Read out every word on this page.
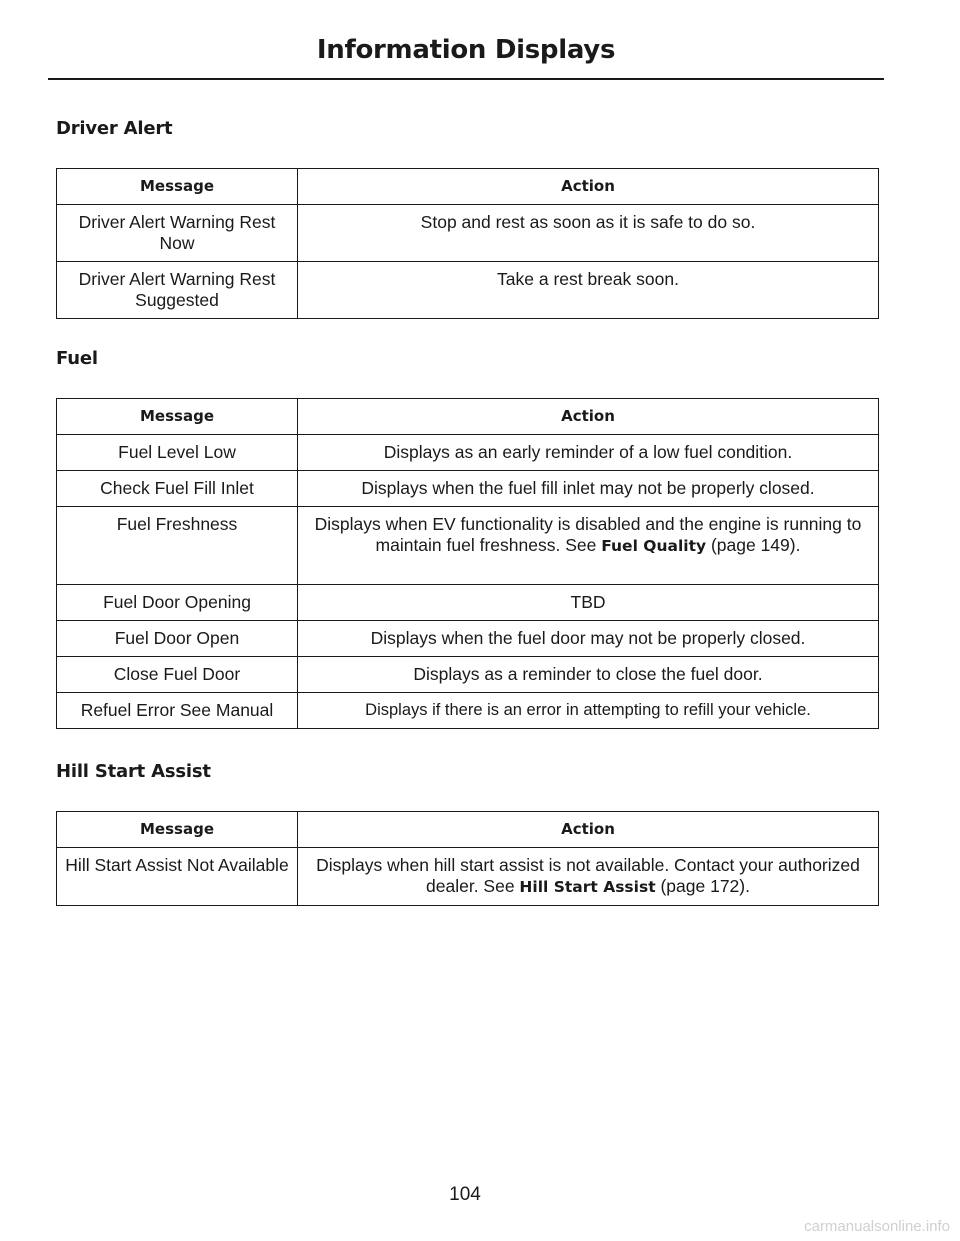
Information Displays
Driver Alert
Message	Action
Driver Alert Warning Rest Now	Stop and rest as soon as it is safe to do so.
Driver Alert Warning Rest Suggested	Take a rest break soon.
Fuel
Message	Action
Fuel Level Low	Displays as an early reminder of a low fuel condition.
Check Fuel Fill Inlet	Displays when the fuel fill inlet may not be properly closed.
Fuel Freshness	Displays when EV functionality is disabled and the engine is running to maintain fuel freshness. See Fuel Quality (page 149).
Fuel Door Opening	TBD
Fuel Door Open	Displays when the fuel door may not be properly closed.
Close Fuel Door	Displays as a reminder to close the fuel door.
Refuel Error See Manual	Displays if there is an error in attempting to refill your vehicle.
Hill Start Assist
Message	Action
Hill Start Assist Not Available	Displays when hill start assist is not available. Contact your authorized dealer. See Hill Start Assist (page 172).
104
carmanualsonline.info
